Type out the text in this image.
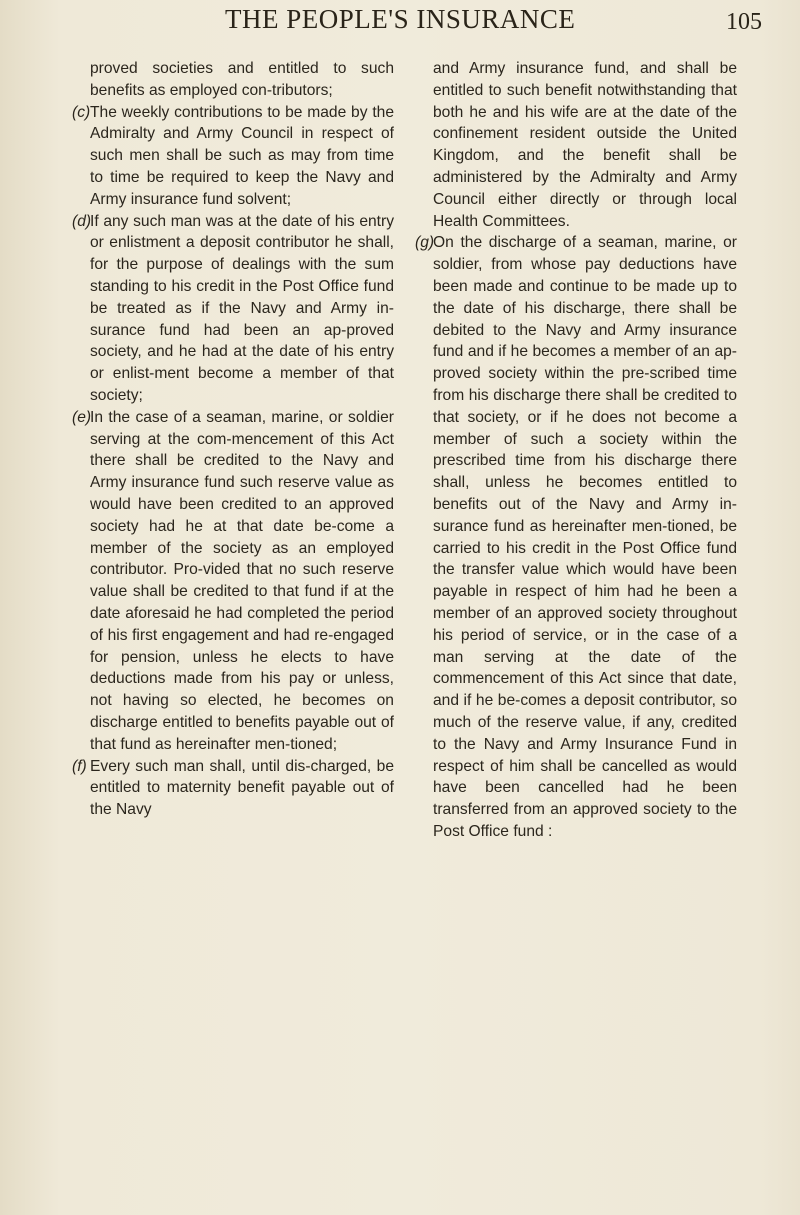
THE PEOPLE'S INSURANCE	105

proved societies and entitled to such benefits as employed con-tributors;

(c)The weekly contributions to be made by the Admiralty and Army Council in respect of such men shall be such as may from time to time be required to keep the Navy and Army insurance fund solvent;

(d)If any such man was at the date of his entry or enlistment a deposit contributor he shall, for the purpose of dealings with the sum standing to his credit in the Post Office fund be treated as if the Navy and Army in-surance fund had been an ap-proved society, and he had at the date of his entry or enlist-ment become a member of that society;

(e)In the case of a seaman, marine, or soldier serving at the com-mencement of this Act there shall be credited to the Navy and Army insurance fund such reserve value as would have been credited to an approved society had he at that date be-come a member of the society as an employed contributor. Pro-vided that no such reserve value shall be credited to that fund if at the date aforesaid he had completed the period of his first engagement and had re-engaged for pension, unless he elects to have deductions made from his pay or unless, not having so elected, he becomes on discharge entitled to benefits payable out of that fund as hereinafter men-tioned;

(f) Every such man shall, until dis-charged, be entitled to maternity benefit payable out of the Navy

and Army insurance fund, and shall be entitled to such benefit notwithstanding that both he and his wife are at the date of the confinement resident outside the United Kingdom, and the benefit shall be administered by the Admiralty and Army Council either directly or through local Health Committees.

(g)On the discharge of a seaman, marine, or soldier, from whose pay deductions have been made and continue to be made up to the date of his discharge, there shall be debited to the Navy and Army insurance fund and if he becomes a member of an ap-proved society within the pre-scribed time from his discharge there shall be credited to that society, or if he does not become a member of such a society within the prescribed time from his discharge there shall, unless he becomes entitled to benefits out of the Navy and Army in-surance fund as hereinafter men-tioned, be carried to his credit in the Post Office fund the transfer value which would have been payable in respect of him had he been a member of an approved society throughout his period of service, or in the case of a man serving at the date of the commencement of this Act since that date, and if he be-comes a deposit contributor, so much of the reserve value, if any, credited to the Navy and Army Insurance Fund in respect of him shall be cancelled as would have been cancelled had he been transferred from an approved society to the Post Office fund :
